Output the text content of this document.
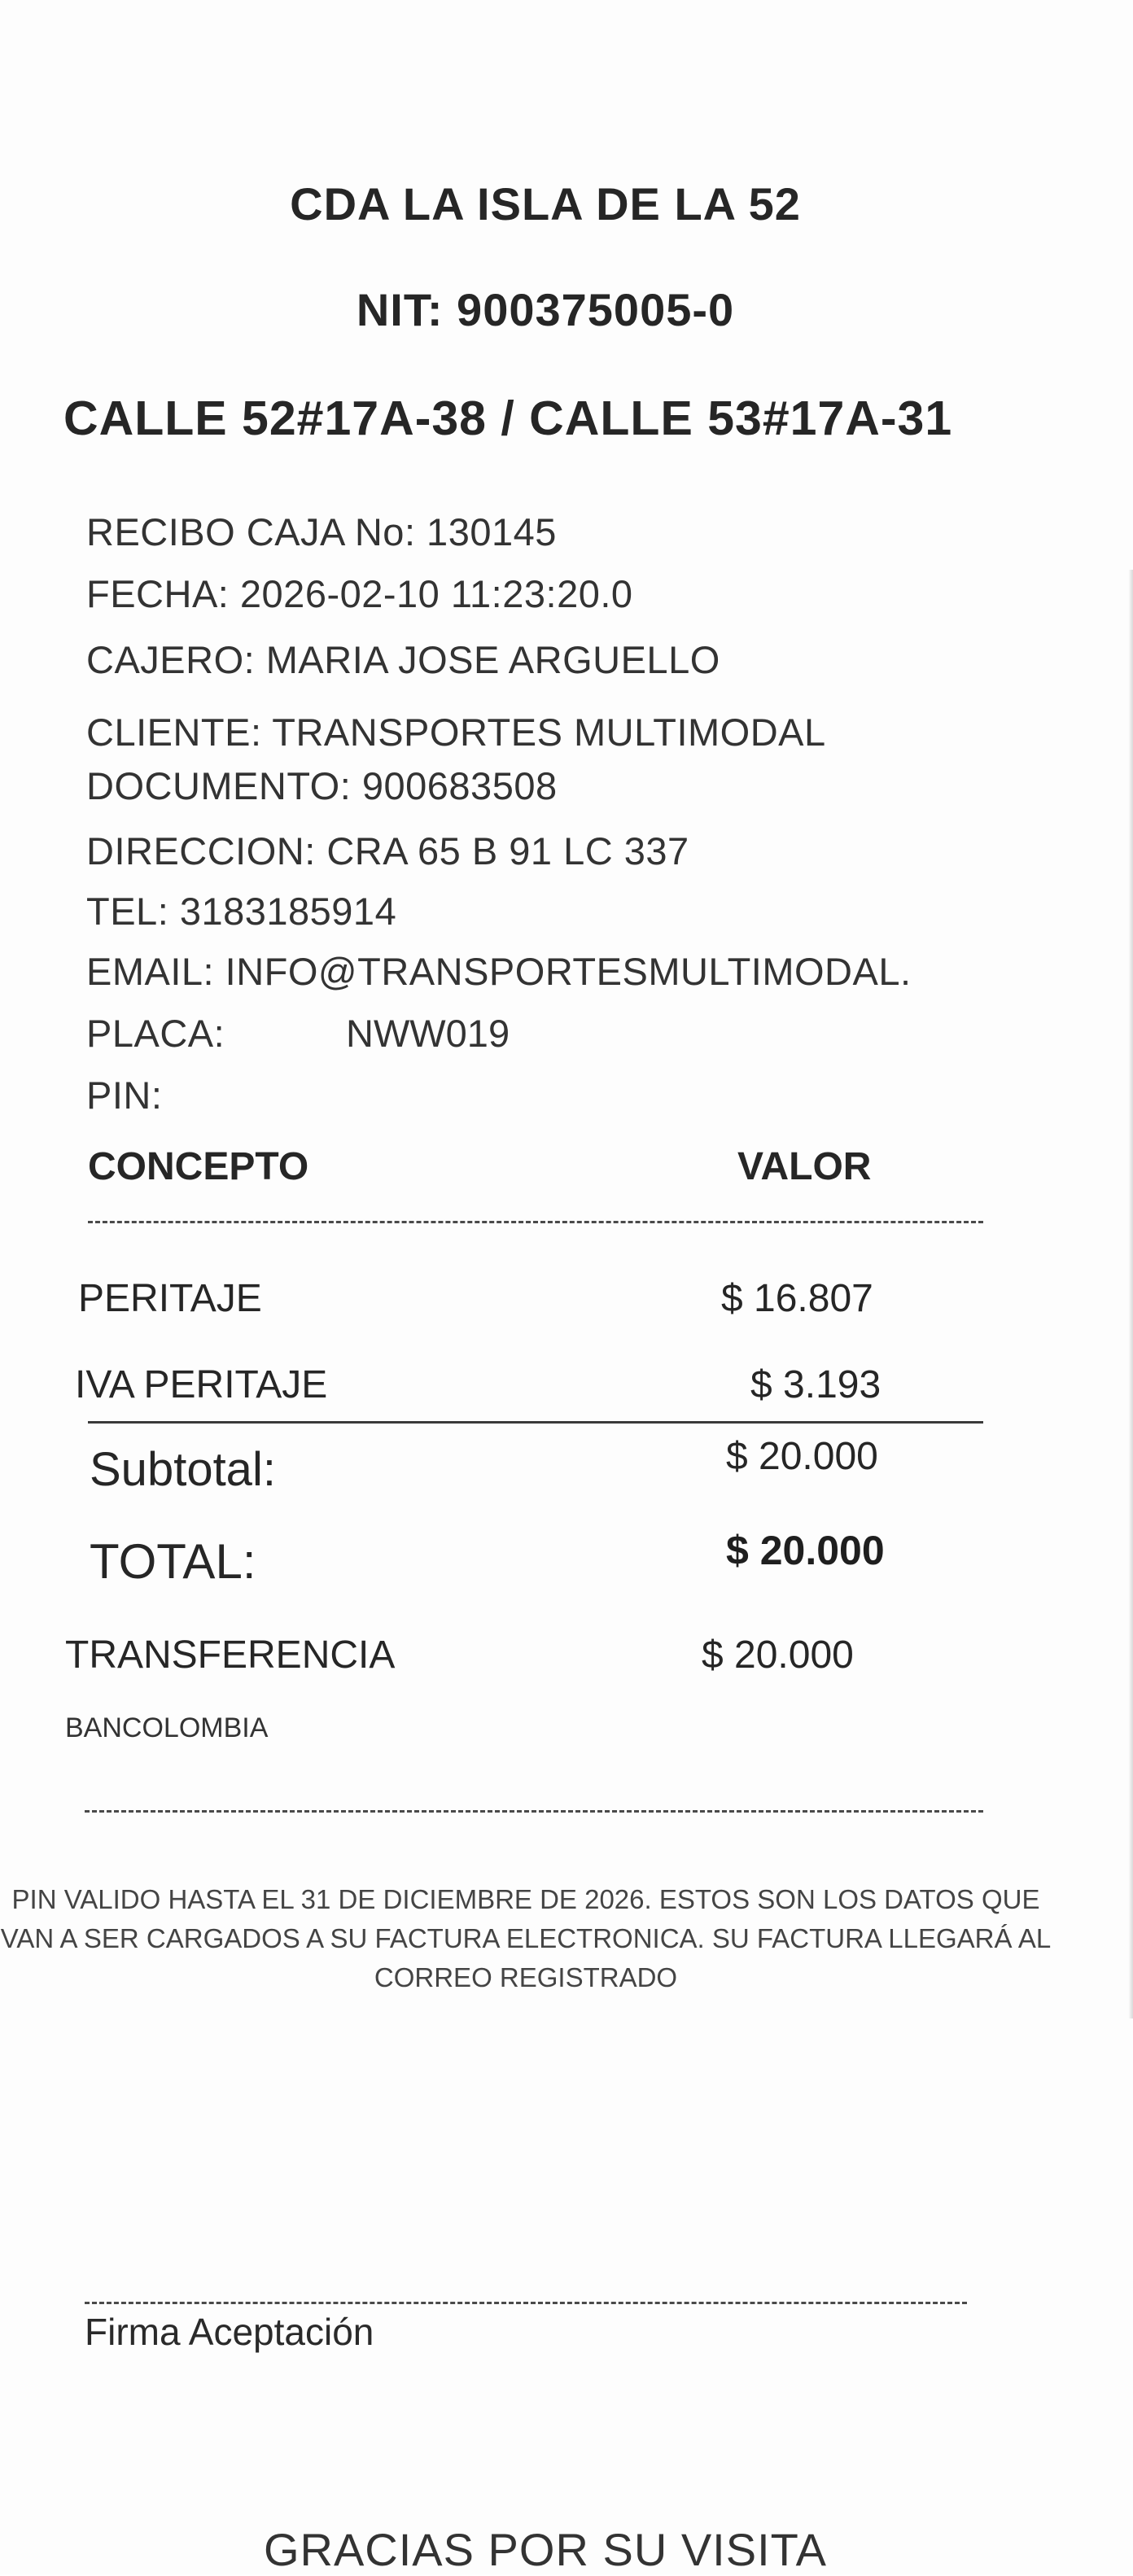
CDA LA ISLA DE LA 52
NIT: 900375005-0
CALLE 52#17A-38 / CALLE 53#17A-31
RECIBO CAJA No: 130145
FECHA: 2026-02-10 11:23:20.0
CAJERO: MARIA JOSE ARGUELLO
CLIENTE: TRANSPORTES MULTIMODAL
DOCUMENTO: 900683508
DIRECCION: CRA 65 B 91 LC 337
TEL: 3183185914
EMAIL: INFO@TRANSPORTESMULTIMODAL.
PLACA:	NWW019
PIN:
CONCEPTO	VALOR
PERITAJE	$ 16.807
IVA PERITAJE	$ 3.193
Subtotal:	$ 20.000
TOTAL:	$ 20.000
TRANSFERENCIA	$ 20.000
BANCOLOMBIA
PIN VALIDO HASTA EL 31 DE DICIEMBRE DE 2026. ESTOS SON LOS DATOS QUE VAN A SER CARGADOS A SU FACTURA ELECTRONICA. SU FACTURA LLEGARÁ AL CORREO REGISTRADO
Firma Aceptación
GRACIAS POR SU VISITA
